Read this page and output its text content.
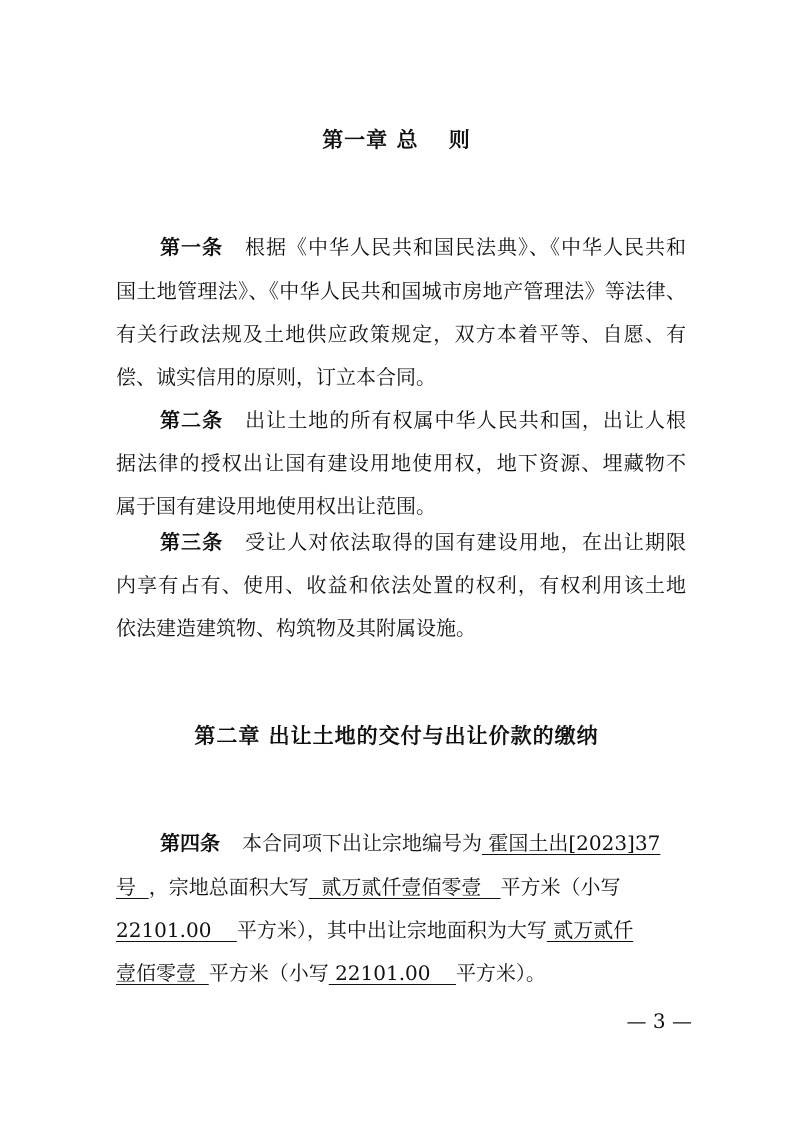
第一章 总　 则
第一条 根据《中华人民共和国民法典》、《中华人民共和
国土地管理法》、《中华人民共和国城市房地产管理法》等法律、
有关行政法规及土地供应政策规定，双方本着平等、自愿、有
偿、诚实信用的原则，订立本合同。
第二条 出让土地的所有权属中华人民共和国，出让人根
据法律的授权出让国有建设用地使用权，地下资源、埋藏物不
属于国有建设用地使用权出让范围。
第三条 受让人对依法取得的国有建设用地，在出让期限
内享有占有、使用、收益和依法处置的权利，有权利用该土地
依法建造建筑物、构筑物及其附属设施。
第二章 出让土地的交付与出让价款的缴纳
第四条 本合同项下出让宗地编号为 霍国土出[2023]37
号  ，宗地总面积大写  贰万贰仟壹佰零壹   平方米（小写
22101.00    平方米），其中出让宗地面积为大写 贰万贰仟
壹佰零壹  平方米（小写 22101.00    平方米）。
— 3 —
